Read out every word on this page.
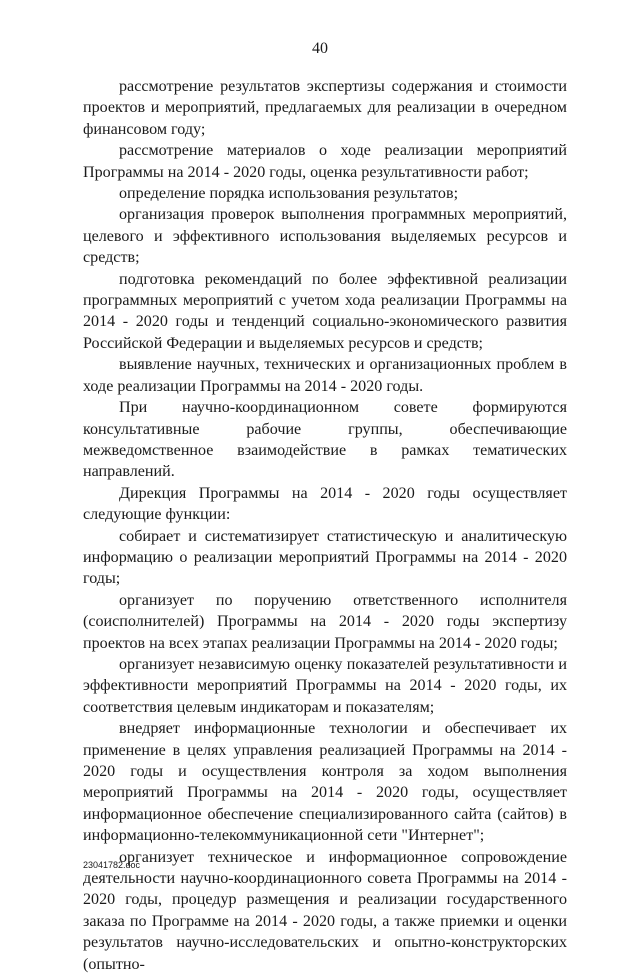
40

рассмотрение результатов экспертизы содержания и стоимости проектов и мероприятий, предлагаемых для реализации в очередном финансовом году;

рассмотрение материалов о ходе реализации мероприятий Программы на 2014 - 2020 годы, оценка результативности работ;

определение порядка использования результатов;

организация проверок выполнения программных мероприятий, целевого и эффективного использования выделяемых ресурсов и средств;

подготовка рекомендаций по более эффективной реализации программных мероприятий с учетом хода реализации Программы на 2014 - 2020 годы и тенденций социально-экономического развития Российской Федерации и выделяемых ресурсов и средств;

выявление научных, технических и организационных проблем в ходе реализации Программы на 2014 - 2020 годы.

При научно-координационном совете формируются консультативные рабочие группы, обеспечивающие межведомственное взаимодействие в рамках тематических направлений.

Дирекция Программы на 2014 - 2020 годы осуществляет следующие функции:

собирает и систематизирует статистическую и аналитическую информацию о реализации мероприятий Программы на 2014 - 2020 годы;

организует по поручению ответственного исполнителя (соисполнителей) Программы на 2014 - 2020 годы экспертизу проектов на всех этапах реализации Программы на 2014 - 2020 годы;

организует независимую оценку показателей результативности и эффективности мероприятий Программы на 2014 - 2020 годы, их соответствия целевым индикаторам и показателям;

внедряет информационные технологии и обеспечивает их применение в целях управления реализацией Программы на 2014 - 2020 годы и осуществления контроля за ходом выполнения мероприятий Программы на 2014 - 2020 годы, осуществляет информационное обеспечение специализированного сайта (сайтов) в информационно-телекоммуникационной сети "Интернет";

организует техническое и информационное сопровождение деятельности научно-координационного совета Программы на 2014 - 2020 годы, процедур размещения и реализации государственного заказа по Программе на 2014 - 2020 годы, а также приемки и оценки результатов научно-исследовательских и опытно-конструкторских (опытно-

23041782.doc
